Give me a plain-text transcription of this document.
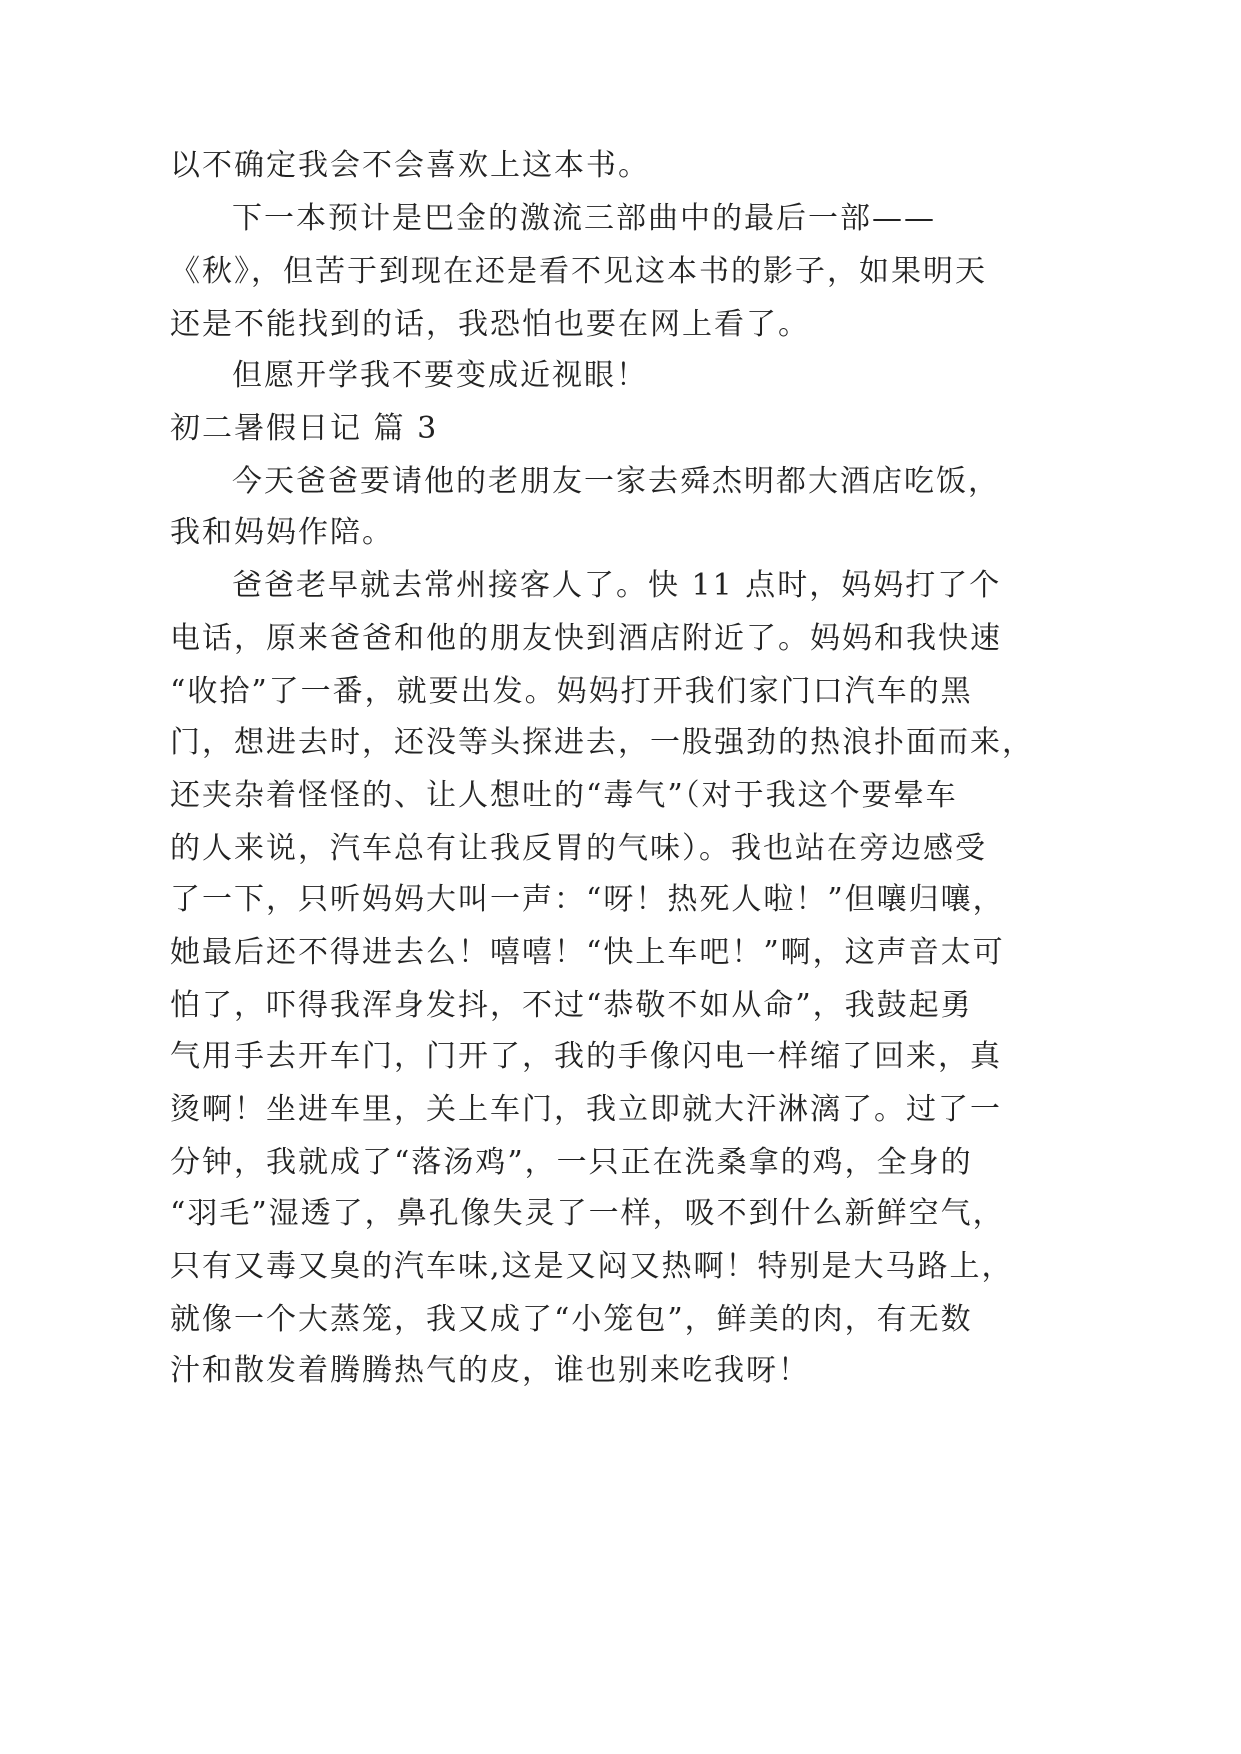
以不确定我会不会喜欢上这本书。
下一本预计是巴金的激流三部曲中的最后一部——
《秋》，但苦于到现在还是看不见这本书的影子，如果明天
还是不能找到的话，我恐怕也要在网上看了。
但愿开学我不要变成近视眼！
初二暑假日记 篇 3
今天爸爸要请他的老朋友一家去舜杰明都大酒店吃饭，
我和妈妈作陪。
爸爸老早就去常州接客人了。快 11 点时，妈妈打了个
电话，原来爸爸和他的朋友快到酒店附近了。妈妈和我快速
“收拾”了一番，就要出发。妈妈打开我们家门口汽车的黑
门，想进去时，还没等头探进去，一股强劲的热浪扑面而来，
还夹杂着怪怪的、让人想吐的“毒气”（对于我这个要晕车
的人来说，汽车总有让我反胃的气味）。我也站在旁边感受
了一下，只听妈妈大叫一声：“呀！热死人啦！”但嚷归嚷，
她最后还不得进去么！嘻嘻！“快上车吧！”啊，这声音太可
怕了，吓得我浑身发抖，不过“恭敬不如从命”，我鼓起勇
气用手去开车门，门开了，我的手像闪电一样缩了回来，真
烫啊！坐进车里，关上车门，我立即就大汗淋漓了。过了一
分钟，我就成了“落汤鸡”，一只正在洗桑拿的鸡，全身的
“羽毛”湿透了，鼻孔像失灵了一样，吸不到什么新鲜空气，
只有又毒又臭的汽车味,这是又闷又热啊！特别是大马路上，
就像一个大蒸笼，我又成了“小笼包”，鲜美的肉，有无数
汁和散发着腾腾热气的皮，谁也别来吃我呀！
